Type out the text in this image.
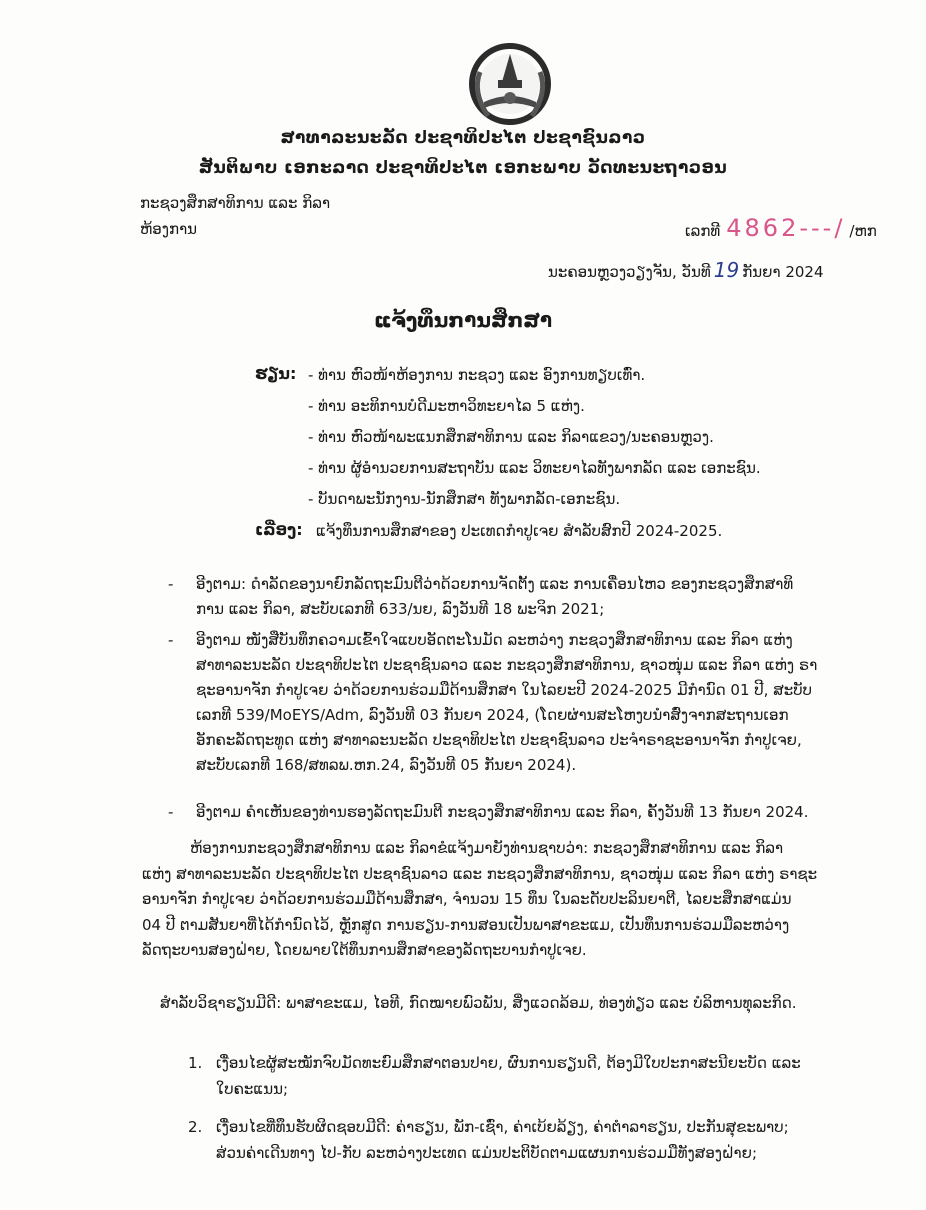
ສາທາລະນະລັດ ປະຊາທິປະໄຕ ປະຊາຊົນລາວ
ສັນຕິພາບ ເອກະລາດ ປະຊາທິປະໄຕ ເອກະພາບ ວັດທະນະຖາວອນ
ກະຊວງສຶກສາທິການ ແລະ ກິລາ
ຫ້ອງການ	ເລກທີ 4862---/ /ຫກ
ນະຄອນຫຼວງວຽງຈັນ, ວັນທີ 19 ກັນຍາ 2024
ແຈ້ງທຶນການສຶກສາ
ຮຽນ: - ທ່ານ ຫົວໜ້າຫ້ອງການ ກະຊວງ ແລະ ອົງການທຽບເທົ່າ.
- ທ່ານ ອະທິການບໍດີມະຫາວິທະຍາໄລ 5 ແຫ່ງ.
- ທ່ານ ຫົວໜ້າພະແນກສຶກສາທິການ ແລະ ກິລາແຂວງ/ນະຄອນຫຼວງ.
- ທ່ານ ຜູ້ອຳນວຍການສະຖາບັນ ແລະ ວິທະຍາໄລທັງພາກລັດ ແລະ ເອກະຊົນ.
- ບັນດາພະນັກງານ-ນັກສຶກສາ ທັງພາກລັດ-ເອກະຊົນ.
ເລື່ອງ: ແຈ້ງທຶນການສຶກສາຂອງ ປະເທດກຳປູເຈຍ ສຳລັບສົກປີ 2024-2025.
- ອີງຕາມ: ດຳລັດຂອງນາຍົກລັດຖະມົນຕີວ່າດ້ວຍການຈັດຕັ້ງ ແລະ ການເຄື່ອນໄຫວ ຂອງກະຊວງສຶກສາທິ
ການ ແລະ ກິລາ, ສະບັບເລກທີ 633/ນຍ, ລົງວັນທີ 18 ພະຈິກ 2021;
- ອີງຕາມ ໜັງສືບັນທຶກຄວາມເຂົ້າໃຈແບບອັດຕະໂນມັດ ລະຫວ່າງ ກະຊວງສຶກສາທິການ ແລະ ກິລາ ແຫ່ງ
ສາທາລະນະລັດ ປະຊາທິປະໄຕ ປະຊາຊົນລາວ ແລະ ກະຊວງສຶກສາທິການ, ຊາວໜຸ່ມ ແລະ ກິລາ ແຫ່ງ ຣາ
ຊະອານາຈັກ ກຳປູເຈຍ ວ່າດ້ວຍການຮ່ວມມືດ້ານສຶກສາ ໃນໄລຍະປີ 2024-2025 ມີກຳນົດ 01 ປີ, ສະບັບ
ເລກທີ 539/MoEYS/Adm, ລົງວັນທີ 03 ກັນຍາ 2024, (ໂດຍຜ່ານສະໂຫງບນຳສົ່ງຈາກສະຖານເອກ
ອັກຄະລັດຖະທູດ ແຫ່ງ ສາທາລະນະລັດ ປະຊາທິປະໄຕ ປະຊາຊົນລາວ ປະຈຳຣາຊະອານາຈັກ ກຳປູເຈຍ,
ສະບັບເລກທີ 168/ສທລພ.ຫກ.24, ລົງວັນທີ 05 ກັນຍາ 2024).
- ອີງຕາມ ຄຳເຫັນຂອງທ່ານຮອງລັດຖະມົນຕີ ກະຊວງສຶກສາທິການ ແລະ ກິລາ, ຄັ້ງວັນທີ 13 ກັນຍາ 2024.
ຫ້ອງການກະຊວງສຶກສາທິການ ແລະ ກິລາຂໍແຈ້ງມາຍັງທ່ານຊາບວ່າ: ກະຊວງສຶກສາທິການ ແລະ ກິລາ
ແຫ່ງ ສາທາລະນະລັດ ປະຊາທິປະໄຕ ປະຊາຊົນລາວ ແລະ ກະຊວງສຶກສາທິການ, ຊາວໜຸ່ມ ແລະ ກິລາ ແຫ່ງ ຣາຊະ
ອານາຈັກ ກຳປູເຈຍ ວ່າດ້ວຍການຮ່ວມມືດ້ານສຶກສາ, ຈຳນວນ 15 ທຶນ ໃນລະດັບປະລິນຍາຕີ, ໄລຍະສຶກສາແມ່ນ
04 ປີ ຕາມສັນຍາທີ່ໄດ້ກຳນົດໄວ້, ຫຼັກສູດ ການຮຽນ-ການສອນເປັນພາສາຂະແມ, ເປັນທຶນການຮ່ວມມືລະຫວ່າງ
ລັດຖະບານສອງຝ່າຍ, ໂດຍພາຍໃຕ້ທຶນການສຶກສາຂອງລັດຖະບານກຳປູເຈຍ.
ສຳລັບວິຊາຮຽນມີດີ: ພາສາຂະແມ, ໄອທີ, ກົດໝາຍພົວພັນ, ສິ່ງແວດລ້ອມ, ທ່ອງທ່ຽວ ແລະ ບໍລິຫານທຸລະກິດ.
1. ເງື່ອນໄຂຜູ້ສະໝັກຈົບມັດທະຍົມສຶກສາຕອນປາຍ, ຜົນການຮຽນດີ, ຕ້ອງມີໃບປະກາສະນີຍະບັດ ແລະ
ໃບຄະແນນ;
2. ເງື່ອນໄຂທີ່ທຶນຮັບຜິດຊອບມີດີ: ຄ່າຮຽນ, ພັກ-ເຊົ່າ, ຄ່າເບ້ຍລ້ຽງ, ຄ່າຕຳລາຮຽນ, ປະກັນສຸຂະພາບ;
ສ່ວນຄ່າເດີນທາງ ໄປ-ກັບ ລະຫວ່າງປະເທດ ແມ່ນປະຕິບັດຕາມແຜນການຮ່ວມມືທັງສອງຝ່າຍ;
